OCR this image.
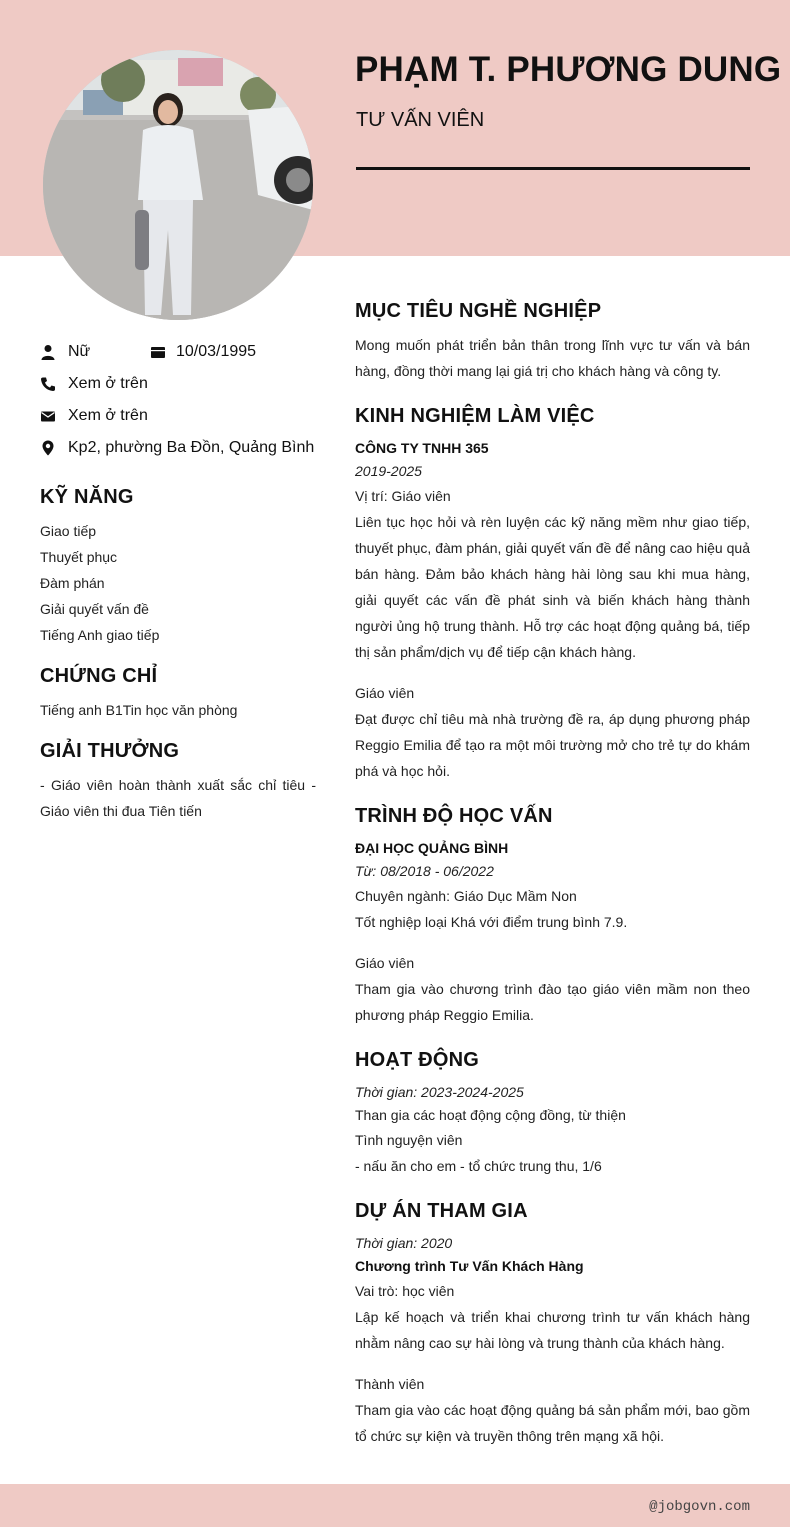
PHẠM T. PHƯƠNG DUNG
TƯ VẤN VIÊN
Nữ	10/03/1995
Xem ở trên
Xem ở trên
Kp2, phường Ba Đồn, Quảng Bình
KỸ NĂNG
Giao tiếp
Thuyết phục
Đàm phán
Giải quyết vấn đề
Tiếng Anh giao tiếp
CHỨNG CHỈ
Tiếng anh B1Tin học văn phòng
GIẢI THƯỞNG
- Giáo viên hoàn thành xuất sắc chỉ tiêu - Giáo viên thi đua Tiên tiến
MỤC TIÊU NGHỀ NGHIỆP
Mong muốn phát triển bản thân trong lĩnh vực tư vấn và bán hàng, đồng thời mang lại giá trị cho khách hàng và công ty.
KINH NGHIỆM LÀM VIỆC
CÔNG TY TNHH 365
2019-2025
Vị trí: Giáo viên
Liên tục học hỏi và rèn luyện các kỹ năng mềm như giao tiếp, thuyết phục, đàm phán, giải quyết vấn đề để nâng cao hiệu quả bán hàng. Đảm bảo khách hàng hài lòng sau khi mua hàng, giải quyết các vấn đề phát sinh và biến khách hàng thành người ủng hộ trung thành. Hỗ trợ các hoạt động quảng bá, tiếp thị sản phẩm/dịch vụ để tiếp cận khách hàng.
Giáo viên
Đạt được chỉ tiêu mà nhà trường đề ra, áp dụng phương pháp Reggio Emilia để tạo ra một môi trường mở cho trẻ tự do khám phá và học hỏi.
TRÌNH ĐỘ HỌC VẤN
ĐẠI HỌC QUẢNG BÌNH
Từ: 08/2018 - 06/2022
Chuyên ngành: Giáo Dục Mầm Non
Tốt nghiệp loại Khá với điểm trung bình 7.9.
Giáo viên
Tham gia vào chương trình đào tạo giáo viên mầm non theo phương pháp Reggio Emilia.
HOẠT ĐỘNG
Thời gian: 2023-2024-2025
Than gia các hoạt động cộng đồng, từ thiện
Tình nguyện viên
- nấu ăn cho em - tổ chức trung thu, 1/6
DỰ ÁN THAM GIA
Thời gian: 2020
Chương trình Tư Vấn Khách Hàng
Vai trò: học viên
Lập kế hoạch và triển khai chương trình tư vấn khách hàng nhằm nâng cao sự hài lòng và trung thành của khách hàng.
Thành viên
Tham gia vào các hoạt động quảng bá sản phẩm mới, bao gồm tổ chức sự kiện và truyền thông trên mạng xã hội.
@jobgovn.com
